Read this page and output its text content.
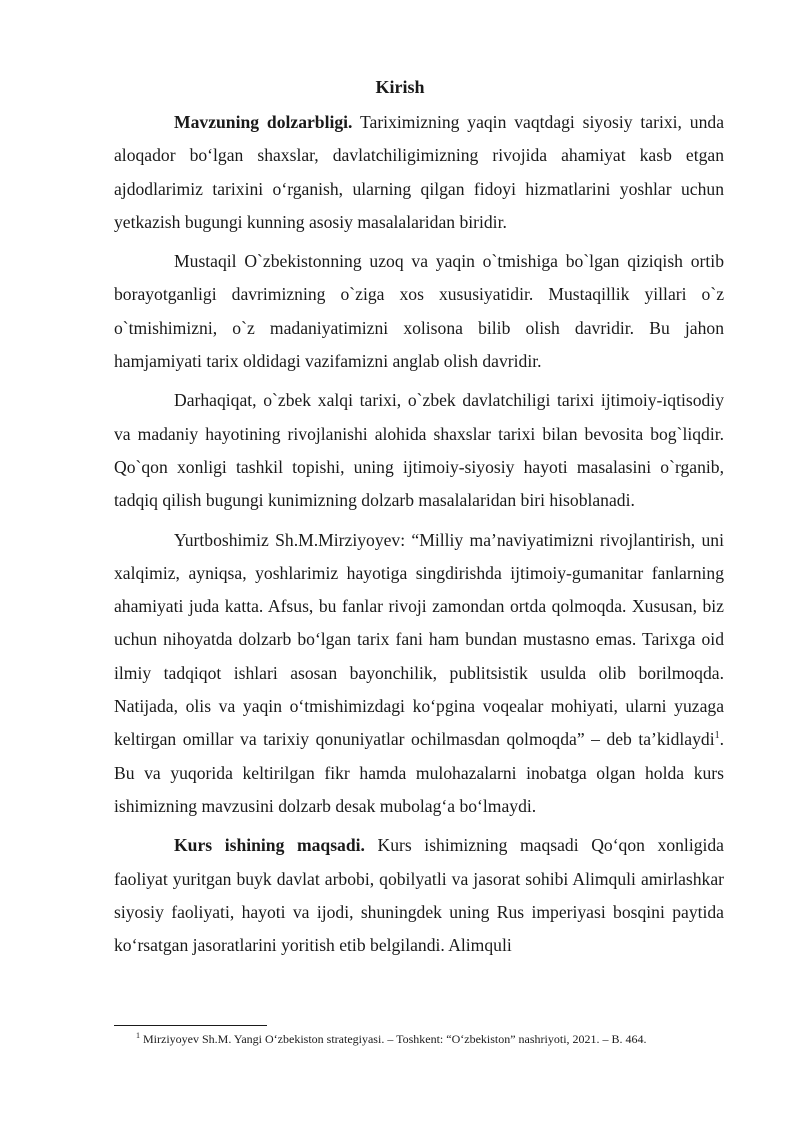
Kirish

Mavzuning dolzarbligi. Tariximizning yaqin vaqtdagi siyosiy tarixi, unda aloqador bo‘lgan shaxslar, davlatchiligimizning rivojida ahamiyat kasb etgan ajdodlarimiz tarixini o‘rganish, ularning qilgan fidoyi hizmatlarini yoshlar uchun yetkazish bugungi kunning asosiy masalalaridan biridir.

Mustaqil O`zbekistonning uzoq va yaqin o`tmishiga bo`lgan qiziqish ortib borayotganligi davrimizning o`ziga xos xususiyatidir. Mustaqillik yillari o`z o`tmishimizni, o`z madaniyatimizni xolisona bilib olish davridir. Bu jahon hamjamiyati tarix oldidagi vazifamizni anglab olish davridir.

Darhaqiqat, o`zbek xalqi tarixi, o`zbek davlatchiligi tarixi ijtimoiy-iqtisodiy va madaniy hayotining rivojlanishi alohida shaxslar tarixi bilan bevosita bog`liqdir. Qo`qon xonligi tashkil topishi, uning ijtimoiy-siyosiy hayoti masalasini o`rganib, tadqiq qilish bugungi kunimizning dolzarb masalalaridan biri hisoblanadi.

Yurtboshimiz Sh.M.Mirziyoyev: “Milliy ma’naviyatimizni rivojlantirish, uni xalqimiz, ayniqsa, yoshlarimiz hayotiga singdirishda ijtimoiy-gumanitar fanlarning ahamiyati juda katta. Afsus, bu fanlar rivoji zamondan ortda qolmoqda. Xususan, biz uchun nihoyatda dolzarb bo‘lgan tarix fani ham bundan mustasno emas. Tarixga oid ilmiy tadqiqot ishlari asosan bayonchilik, publitsistik usulda olib borilmoqda. Natijada, olis va yaqin o‘tmishimizdagi ko‘pgina voqealar mohiyati, ularni yuzaga keltirgan omillar va tarixiy qonuniyatlar ochilmasdan qolmoqda” – deb ta’kidlaydi$^1$. Bu va yuqorida keltirilgan fikr hamda mulohazalarni inobatga olgan holda kurs ishimizning mavzusini dolzarb desak mubolag‘a bo‘lmaydi.

Kurs ishining maqsadi. Kurs ishimizning maqsadi Qo‘qon xonligida faoliyat yuritgan buyk davlat arbobi, qobilyatli va jasorat sohibi Alimquli amirlashkar siyosiy faoliyati, hayoti va ijodi, shuningdek uning Rus imperiyasi bosqini paytida ko‘rsatgan jasoratlarini yoritish etib belgilandi. Alimquli

$^1$ Mirziyoyev Sh.M. Yangi O‘zbekiston strategiyasi. – Toshkent: “O‘zbekiston” nashriyoti, 2021. – B. 464.
